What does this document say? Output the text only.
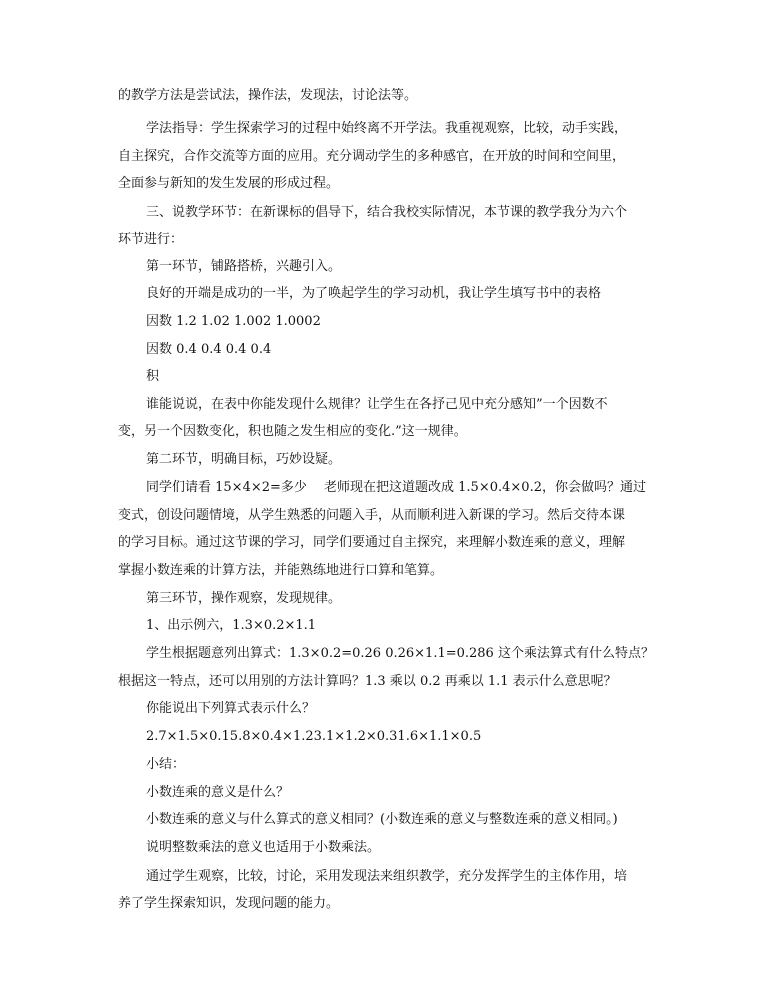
的教学方法是尝试法，操作法，发现法，讨论法等。
学法指导：学生探索学习的过程中始终离不开学法。我重视观察，比较，动手实践，
自主探究，合作交流等方面的应用。充分调动学生的多种感官，在开放的时间和空间里，
全面参与新知的发生发展的形成过程。
三、说教学环节：在新课标的倡导下，结合我校实际情况，本节课的教学我分为六个
环节进行：
第一环节，铺路搭桥，兴趣引入。
良好的开端是成功的一半，为了唤起学生的学习动机，我让学生填写书中的表格
因数 1.2 1.02 1.002 1.0002
因数 0.4 0.4 0.4 0.4
积
谁能说说，在表中你能发现什么规律？让学生在各抒己见中充分感知”一个因数不
变，另一个因数变化，积也随之发生相应的变化.”这一规律。
第二环节，明确目标，巧妙设疑。
同学们请看 15×4×2=多少　 老师现在把这道题改成 1.5×0.4×0.2，你会做吗？通过
变式，创设问题情境，从学生熟悉的问题入手，从而顺利进入新课的学习。然后交待本课
的学习目标。通过这节课的学习，同学们要通过自主探究，来理解小数连乘的意义，理解
掌握小数连乘的计算方法，并能熟练地进行口算和笔算。
第三环节，操作观察，发现规律。
1、出示例六，1.3×0.2×1.1
学生根据题意列出算式：1.3×0.2=0.26 0.26×1.1=0.286 这个乘法算式有什么特点？
根据这一特点，还可以用别的方法计算吗？1.3 乘以 0.2 再乘以 1.1 表示什么意思呢？
你能说出下列算式表示什么？
2.7×1.5×0.15.8×0.4×1.23.1×1.2×0.31.6×1.1×0.5
小结：
小数连乘的意义是什么？
小数连乘的意义与什么算式的意义相同？(小数连乘的意义与整数连乘的意义相同。)
说明整数乘法的意义也适用于小数乘法。
通过学生观察，比较，讨论，采用发现法来组织教学，充分发挥学生的主体作用，培
养了学生探索知识，发现问题的能力。
